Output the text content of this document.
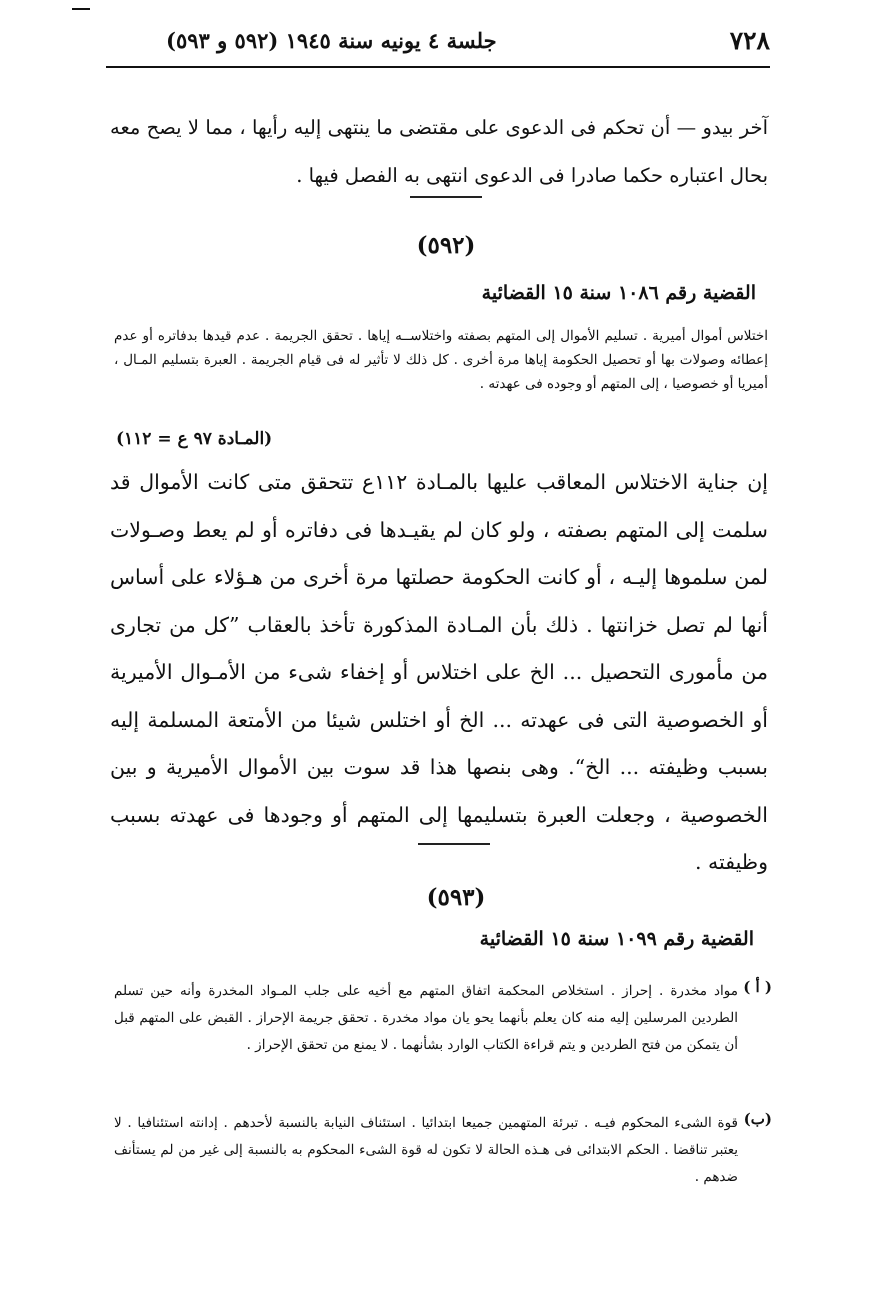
٧٢٨
جلسة ٤ يونيه سنة ١٩٤٥ (٥٩٢ و ٥٩٣)

آخر بيدو — أن تحكم فى الدعوى على مقتضى ما ينتهى إليه رأيها ، مما لا يصح معه بحال اعتباره حكما صادرا فى الدعوى انتهى به الفصل فيها .

(٥٩٢)
القضية رقم ١٠٨٦ سنة ١٥ القضائية

اختلاس أموال أميرية . تسليم الأموال إلى المتهم بصفته واختلاســه إياها . تحقق الجريمة . عدم قيدها بدفاتره أو عدم إعطائه وصولات بها أو تحصيل الحكومة إياها مرة أخرى . كل ذلك لا تأثير له فى قيام الجريمة . العبرة بتسليم المـال ، أميريا أو خصوصيا ، إلى المتهم أو وجوده فى عهدته .

(المـادة ٩٧ ع = ١١٢)

إن جناية الاختلاس المعاقب عليها بالمـادة ١١٢ع تتحقق متى كانت الأموال قد سلمت إلى المتهم بصفته ، ولو كان لم يقيـدها فى دفاتره أو لم يعط وصـولات لمن سلموها إليـه ، أو كانت الحكومة حصلتها مرة أخرى من هـؤلاء على أساس أنها لم تصل خزانتها . ذلك بأن المـادة المذكورة تأخذ بالعقاب ”كل من تجارى من مأمورى التحصيل ... الخ على اختلاس أو إخفاء شىء من الأمـوال الأميرية أو الخصوصية التى فى عهدته ... الخ أو اختلس شيئا من الأمتعة المسلمة إليه بسبب وظيفته ... الخ“. وهى بنصها هذا قد سوت بين الأموال الأميرية و بين الخصوصية ، وجعلت العبرة بتسليمها إلى المتهم أو وجودها فى عهدته بسبب وظيفته .

(٥٩٣)
القضية رقم ١٠٩٩ سنة ١٥ القضائية
( أ )

مواد مخدرة . إحراز . استخلاص المحكمة اتفاق المتهم مع أخيه على جلب المـواد المخدرة وأنه حين تسلم الطردين المرسلين إليه منه كان يعلم بأنهما يحو يان مواد مخدرة . تحقق جريمة الإحراز . القبض على المتهم قبل أن يتمكن من فتح الطردين و يتم قراءة الكتاب الوارد بشأنهما . لا يمنع من تحقق الإحراز .

(ب)

قوة الشىء المحكوم فيـه . تبرئة المتهمين جميعا ابتدائيا . استئناف النيابة بالنسبة لأحدهم . إدانته استئنافيا . لا يعتبر تناقضا . الحكم الابتدائى فى هـذه الحالة لا تكون له قوة الشىء المحكوم به بالنسبة إلى غير من لم يستأنف ضدهم .
